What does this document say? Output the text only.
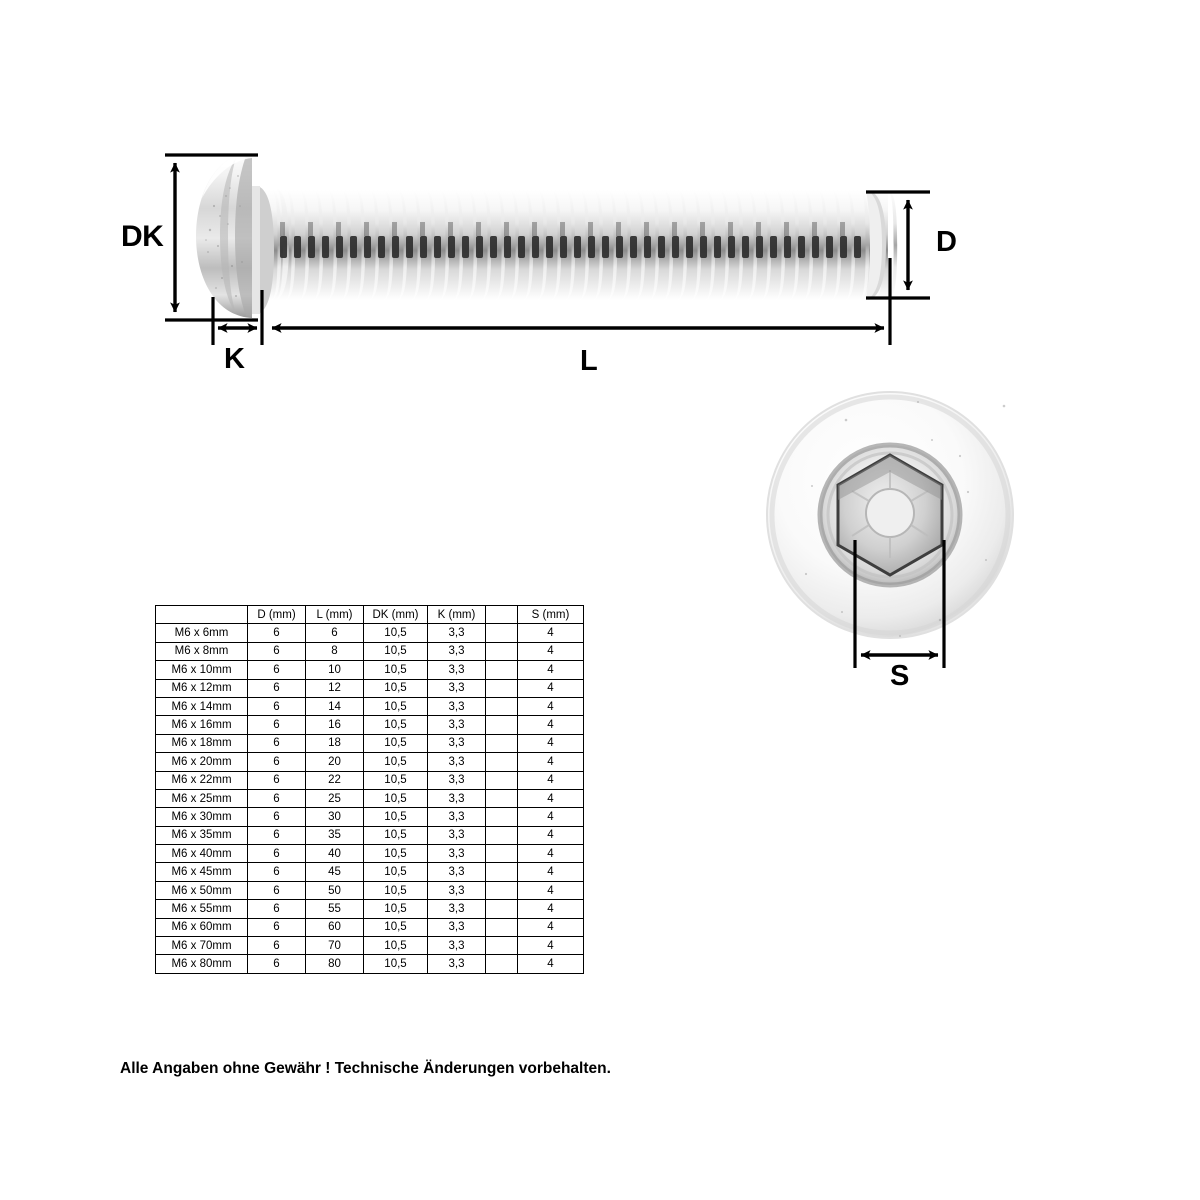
DK
K	L
D
S
	D (mm)	L (mm)	DK (mm)	K (mm)		S (mm)
M6 x 6mm	6	6	10,5	3,3		4
M6 x 8mm	6	8	10,5	3,3		4
M6 x 10mm	6	10	10,5	3,3		4
M6 x 12mm	6	12	10,5	3,3		4
M6 x 14mm	6	14	10,5	3,3		4
M6 x 16mm	6	16	10,5	3,3		4
M6 x 18mm	6	18	10,5	3,3		4
M6 x 20mm	6	20	10,5	3,3		4
M6 x 22mm	6	22	10,5	3,3		4
M6 x 25mm	6	25	10,5	3,3		4
M6 x 30mm	6	30	10,5	3,3		4
M6 x 35mm	6	35	10,5	3,3		4
M6 x 40mm	6	40	10,5	3,3		4
M6 x 45mm	6	45	10,5	3,3		4
M6 x 50mm	6	50	10,5	3,3		4
M6 x 55mm	6	55	10,5	3,3		4
M6 x 60mm	6	60	10,5	3,3		4
M6 x 70mm	6	70	10,5	3,3		4
M6 x 80mm	6	80	10,5	3,3		4
Alle Angaben ohne Gewähr ! Technische Änderungen vorbehalten.
